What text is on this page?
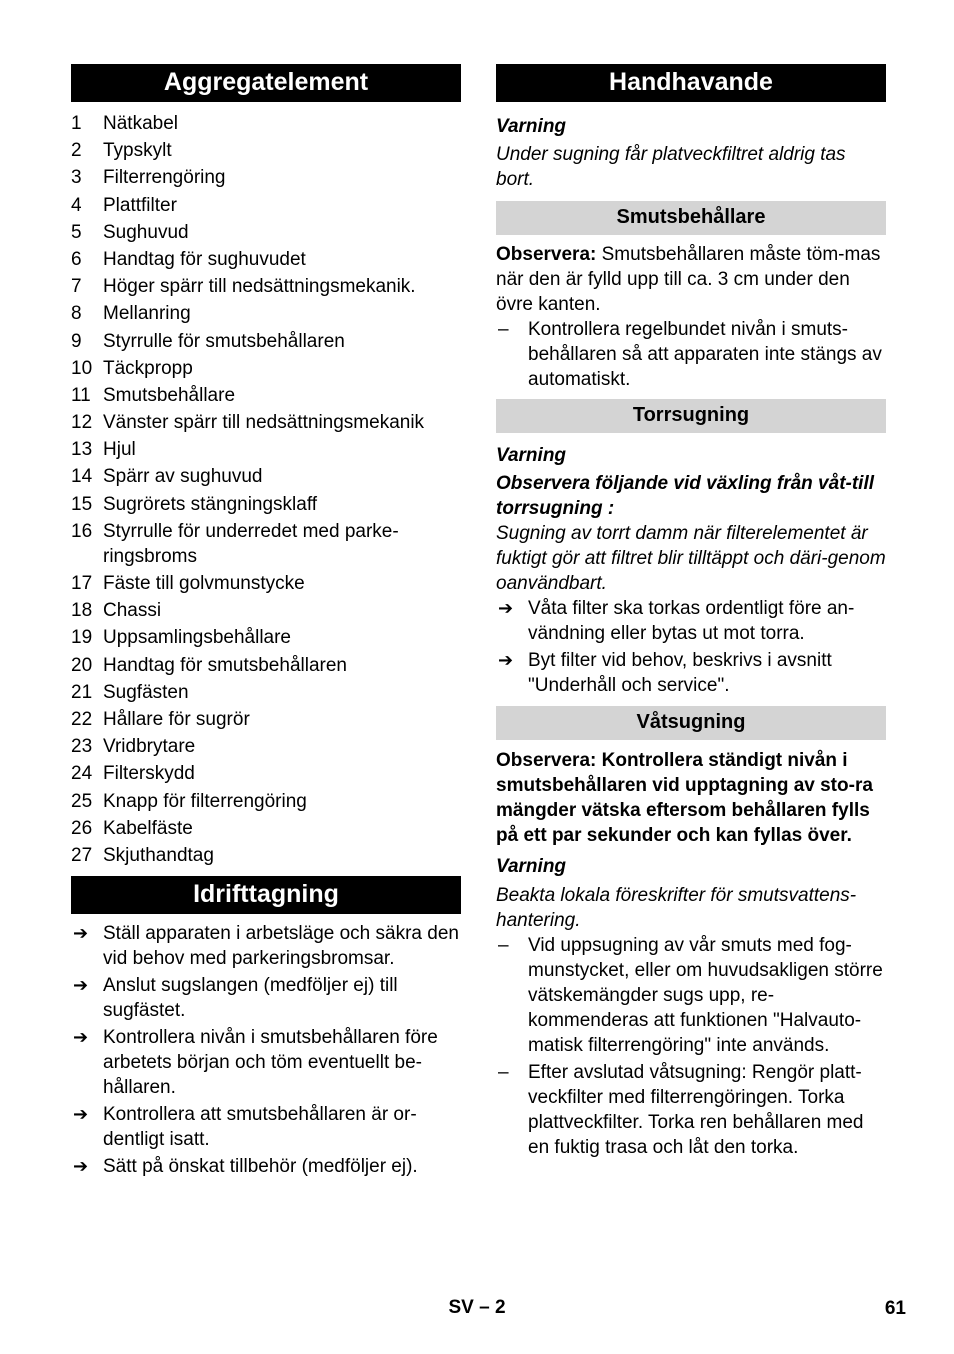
Aggregatelement
1 Nätkabel
2 Typskylt
3 Filterrengöring
4 Plattfilter
5 Sughuvud
6 Handtag för sughuvudet
7 Höger spärr till nedsättningsmekanik.
8 Mellanring
9 Styrrulle för smutsbehållaren
10 Täckpropp
11 Smutsbehållare
12 Vänster spärr till nedsättningsmekanik
13 Hjul
14 Spärr av sughuvud
15 Sugrörets stängningsklaff
16 Styrrulle för underredet med parke-ringsbroms
17 Fäste till golvmunstycke
18 Chassi
19 Uppsamlingsbehållare
20 Handtag för smutsbehållaren
21 Sugfästen
22 Hållare för sugrör
23 Vridbrytare
24 Filterskydd
25 Knapp för filterrengöring
26 Kabelfäste
27 Skjuthandtag
Idrifttagning
➔ Ställ apparaten i arbetsläge och säkra den vid behov med parkeringsbromsar.
➔ Anslut sugslangen (medföljer ej) till sugfästet.
➔ Kontrollera nivån i smutsbehållaren före arbetets början och töm eventuellt be-hållaren.
➔ Kontrollera att smutsbehållaren är or-dentligt isatt.
➔ Sätt på önskat tillbehör (medföljer ej).
Handhavande

Varning

Under sugning får platveckfiltret aldrig tas bort.

Smutsbehållare

Observera: Smutsbehållaren måste töm-mas när den är fylld upp till ca. 3 cm under den övre kanten.

– Kontrollera regelbundet nivån i smuts-behållaren så att apparaten inte stängs av automatiskt.
Torrsugning

Varning

Observera följande vid växling från våt-till torrsugning :

Sugning av torrt damm när filterelementet är fuktigt gör att filtret blir tilltäppt och däri-genom oanvändbart.

➔ Våta filter ska torkas ordentligt före an-vändning eller bytas ut mot torra.
➔ Byt filter vid behov, beskrivs i avsnitt "Underhåll och service".
Våtsugning

Observera: Kontrollera ständigt nivån i smutsbehållaren vid upptagning av sto-ra mängder vätska eftersom behållaren fylls på ett par sekunder och kan fyllas över.

Varning

Beakta lokala föreskrifter för smutsvattens-hantering.

– Vid uppsugning av vår smuts med fog-munstycket, eller om huvudsakligen större vätskemängder sugs upp, re-kommenderas att funktionen "Halvauto-matisk filterrengöring" inte används.
– Efter avslutad våtsugning: Rengör platt-veckfilter med filterrengöringen. Torka plattveckfilter. Torka ren behållaren med en fuktig trasa och låt den torka.
SV – 2	61
